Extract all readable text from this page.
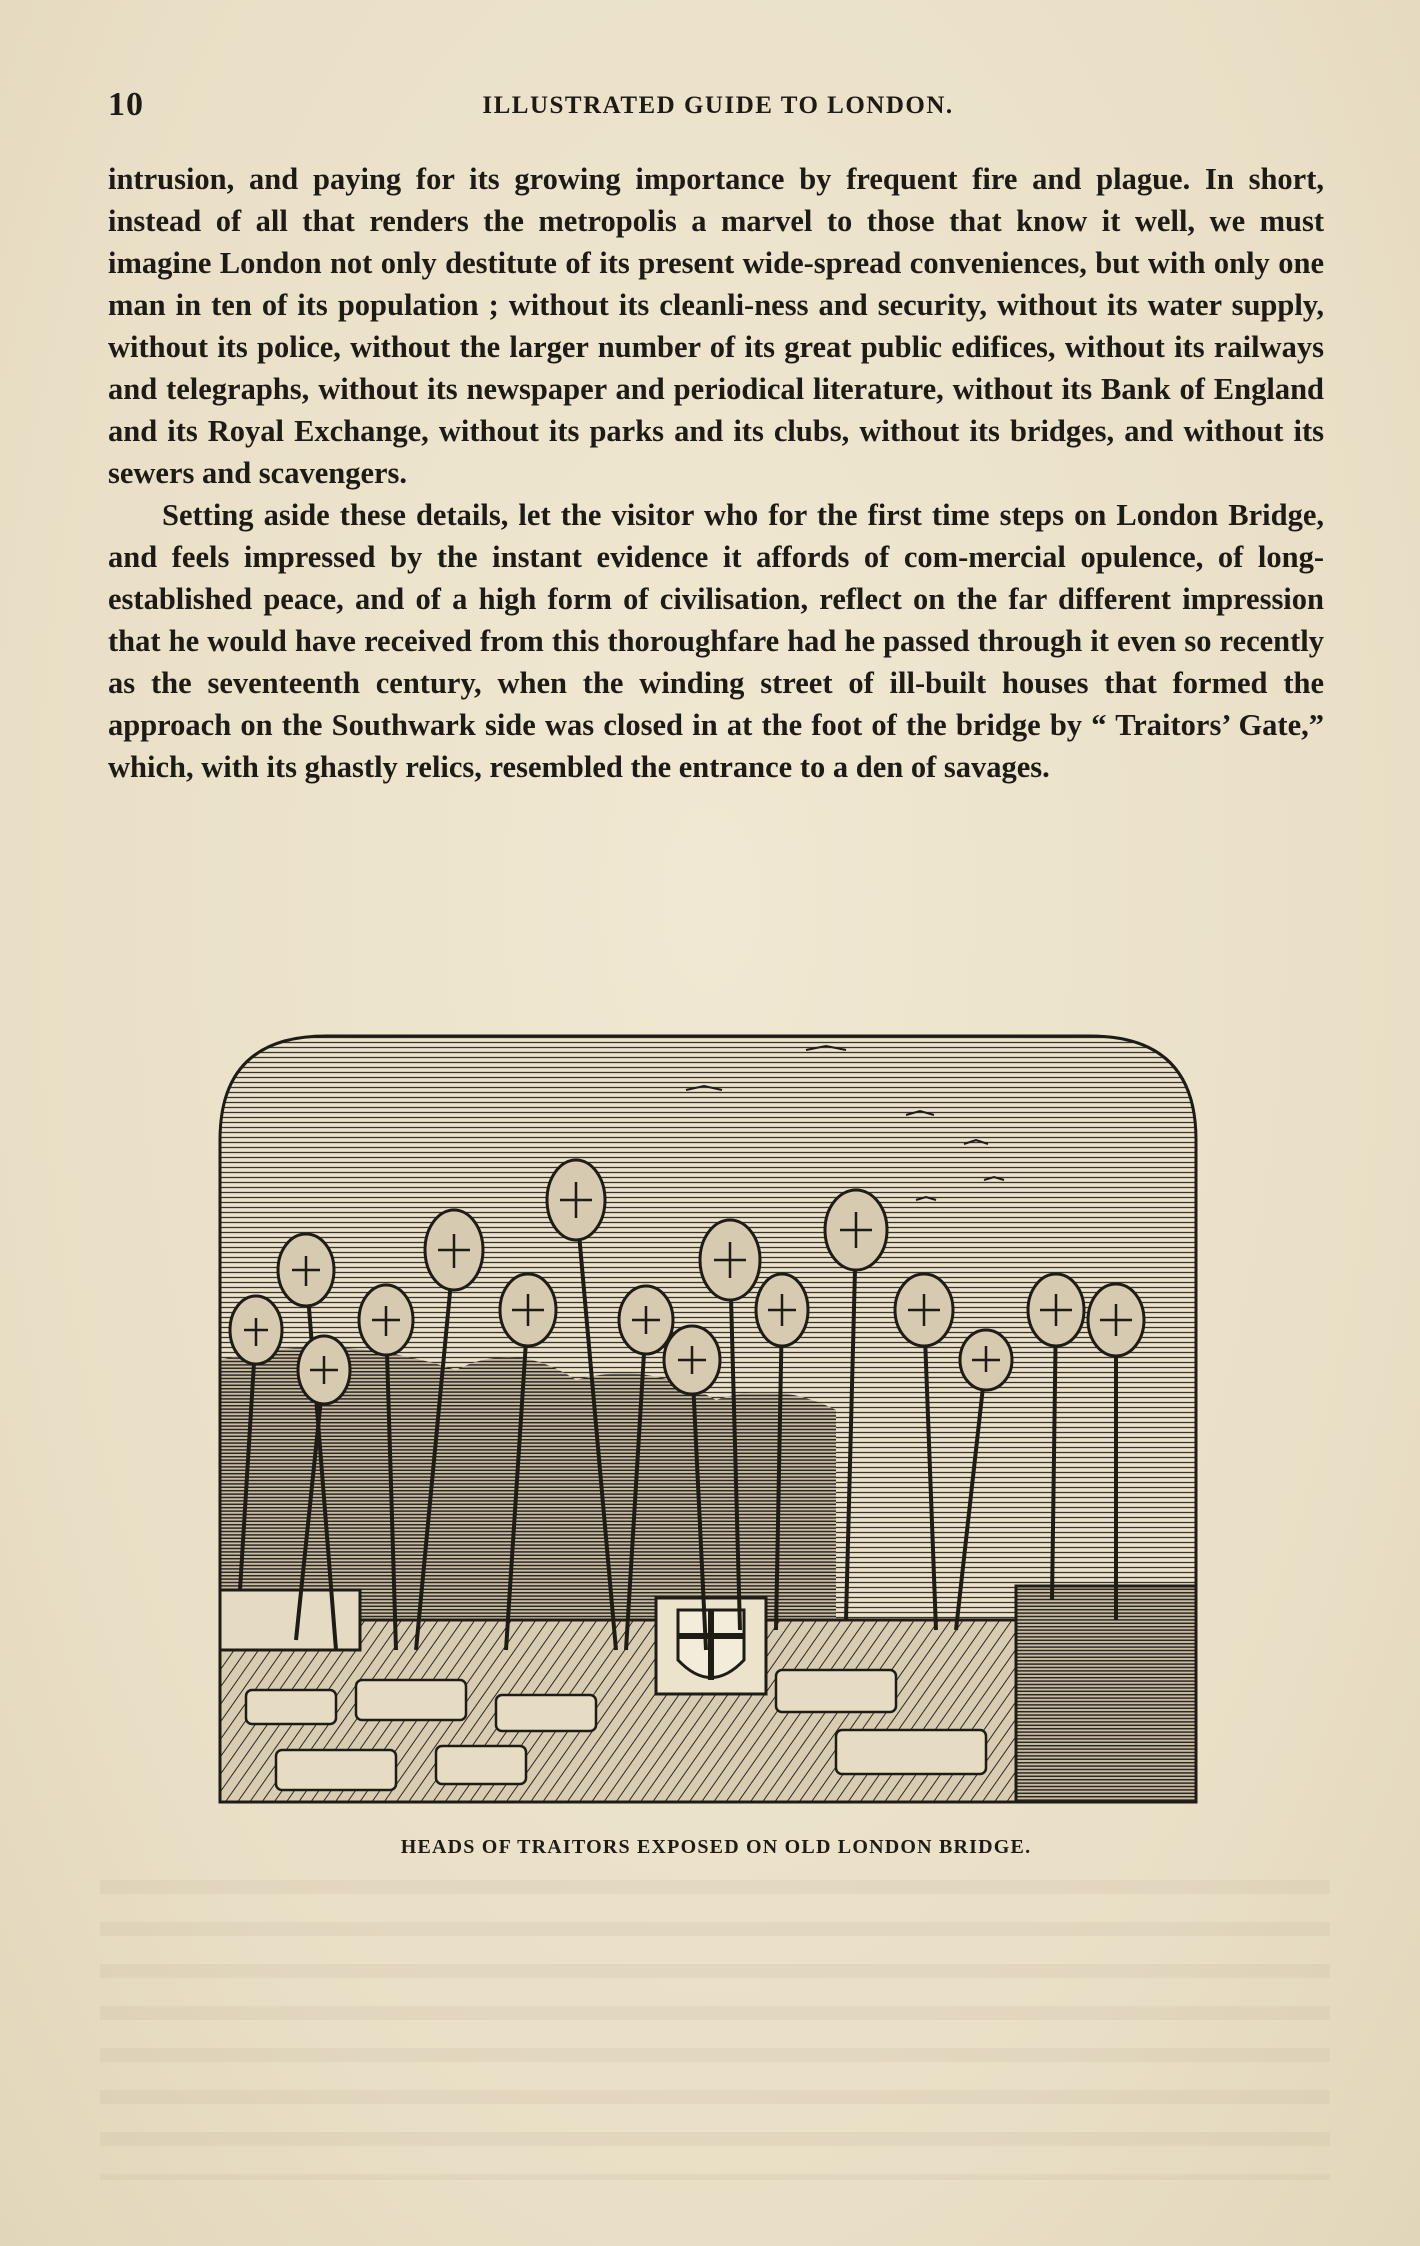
10	ILLUSTRATED GUIDE TO LONDON.

intrusion, and paying for its growing importance by frequent fire and plague. In short, instead of all that renders the metropolis a marvel to those that know it well, we must imagine London not only destitute of its present wide-spread conveniences, but with only one man in ten of its population ; without its cleanli-ness and security, without its water supply, without its police, without the larger number of its great public edifices, without its railways and telegraphs, without its newspaper and periodical literature, without its Bank of England and its Royal Exchange, without its parks and its clubs, without its bridges, and without its sewers and scavengers.

Setting aside these details, let the visitor who for the first time steps on London Bridge, and feels impressed by the instant evidence it affords of com-mercial opulence, of long-established peace, and of a high form of civilisation, reflect on the far different impression that he would have received from this thoroughfare had he passed through it even so recently as the seventeenth century, when the winding street of ill-built houses that formed the approach on the Southwark side was closed in at the foot of the bridge by “ Traitors’ Gate,” which, with its ghastly relics, resembled the entrance to a den of savages.

HEADS OF TRAITORS EXPOSED ON OLD LONDON BRIDGE.
